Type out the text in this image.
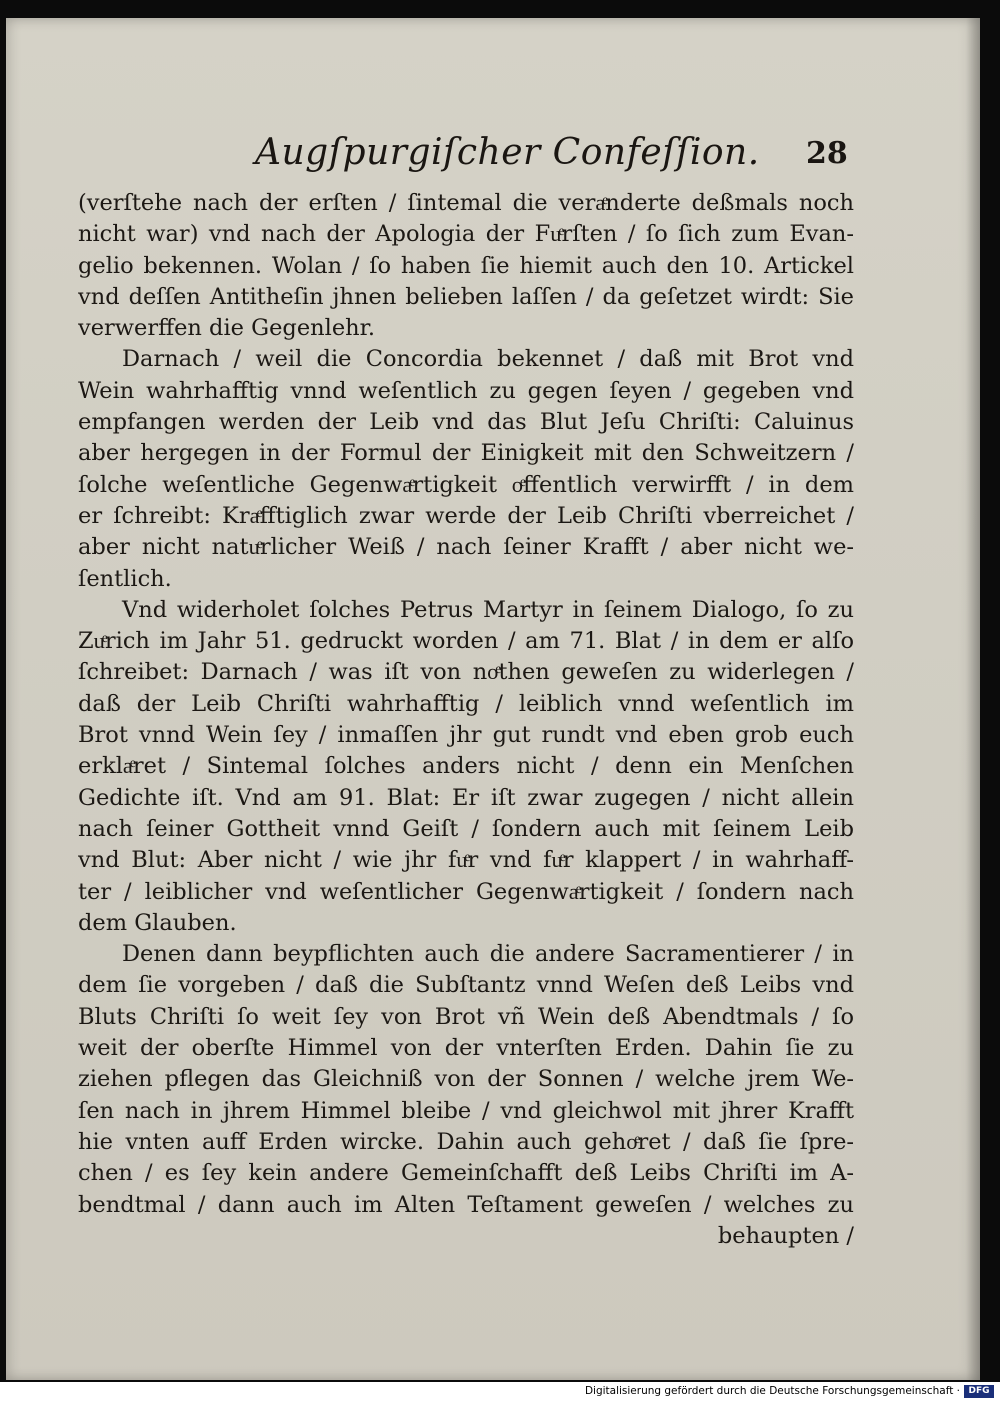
Augſpurgiſcher Confeſſion. 28
(verſtehe nach der erſten / ſintemal die veraͤnderte deßmals noch
nicht war) vnd nach der Apologia der Fuͤrſten / ſo ſich zum Evan-
gelio bekennen. Wolan / ſo haben ſie hiemit auch den 10. Artickel
vnd deſſen Antitheſin jhnen belieben laſſen / da geſetzet wirdt: Sie
verwerffen die Gegenlehr.
Darnach / weil die Concordia bekennet / daß mit Brot vnd
Wein wahrhafftig vnnd weſentlich zu gegen ſeyen / gegeben vnd
empfangen werden der Leib vnd das Blut Jeſu Chriſti: Caluinus
aber hergegen in der Formul der Einigkeit mit den Schweitzern /
ſolche weſentliche Gegenwaͤrtigkeit oͤffentlich verwirfft / in dem
er ſchreibt: Kraͤfftiglich zwar werde der Leib Chriſti vberreichet /
aber nicht natuͤrlicher Weiß / nach ſeiner Krafft / aber nicht we-
ſentlich.
Vnd widerholet ſolches Petrus Martyr in ſeinem Dialogo, ſo zu
Zuͤrich im Jahr 51. gedruckt worden / am 71. Blat / in dem er alſo
ſchreibet: Darnach / was iſt von noͤthen geweſen zu widerlegen /
daß der Leib Chriſti wahrhafftig / leiblich vnnd weſentlich im
Brot vnnd Wein ſey / inmaſſen jhr gut rundt vnd eben grob euch
erklaͤret / Sintemal ſolches anders nicht / denn ein Menſchen
Gedichte iſt. Vnd am 91. Blat: Er iſt zwar zugegen / nicht allein
nach ſeiner Gottheit vnnd Geiſt / ſondern auch mit ſeinem Leib
vnd Blut: Aber nicht / wie jhr fuͤr vnd fuͤr klappert / in wahrhaff-
ter / leiblicher vnd weſentlicher Gegenwaͤrtigkeit / ſondern nach
dem Glauben.
Denen dann beypflichten auch die andere Sacramentierer / in
dem ſie vorgeben / daß die Subſtantz vnnd Weſen deß Leibs vnd
Bluts Chriſti ſo weit ſey von Brot vñ Wein deß Abendtmals / ſo
weit der oberſte Himmel von der vnterſten Erden. Dahin ſie zu
ziehen pflegen das Gleichniß von der Sonnen / welche jrem We-
ſen nach in jhrem Himmel bleibe / vnd gleichwol mit jhrer Krafft
hie vnten auff Erden wircke. Dahin auch gehoͤret / daß ſie ſpre-
chen / es ſey kein andere Gemeinſchafft deß Leibs Chriſti im A-
bendtmal / dann auch im Alten Teſtament geweſen / welches zu
behaupten /
Digitalisierung gefördert durch die Deutsche Forschungsgemeinschaft · DFG
